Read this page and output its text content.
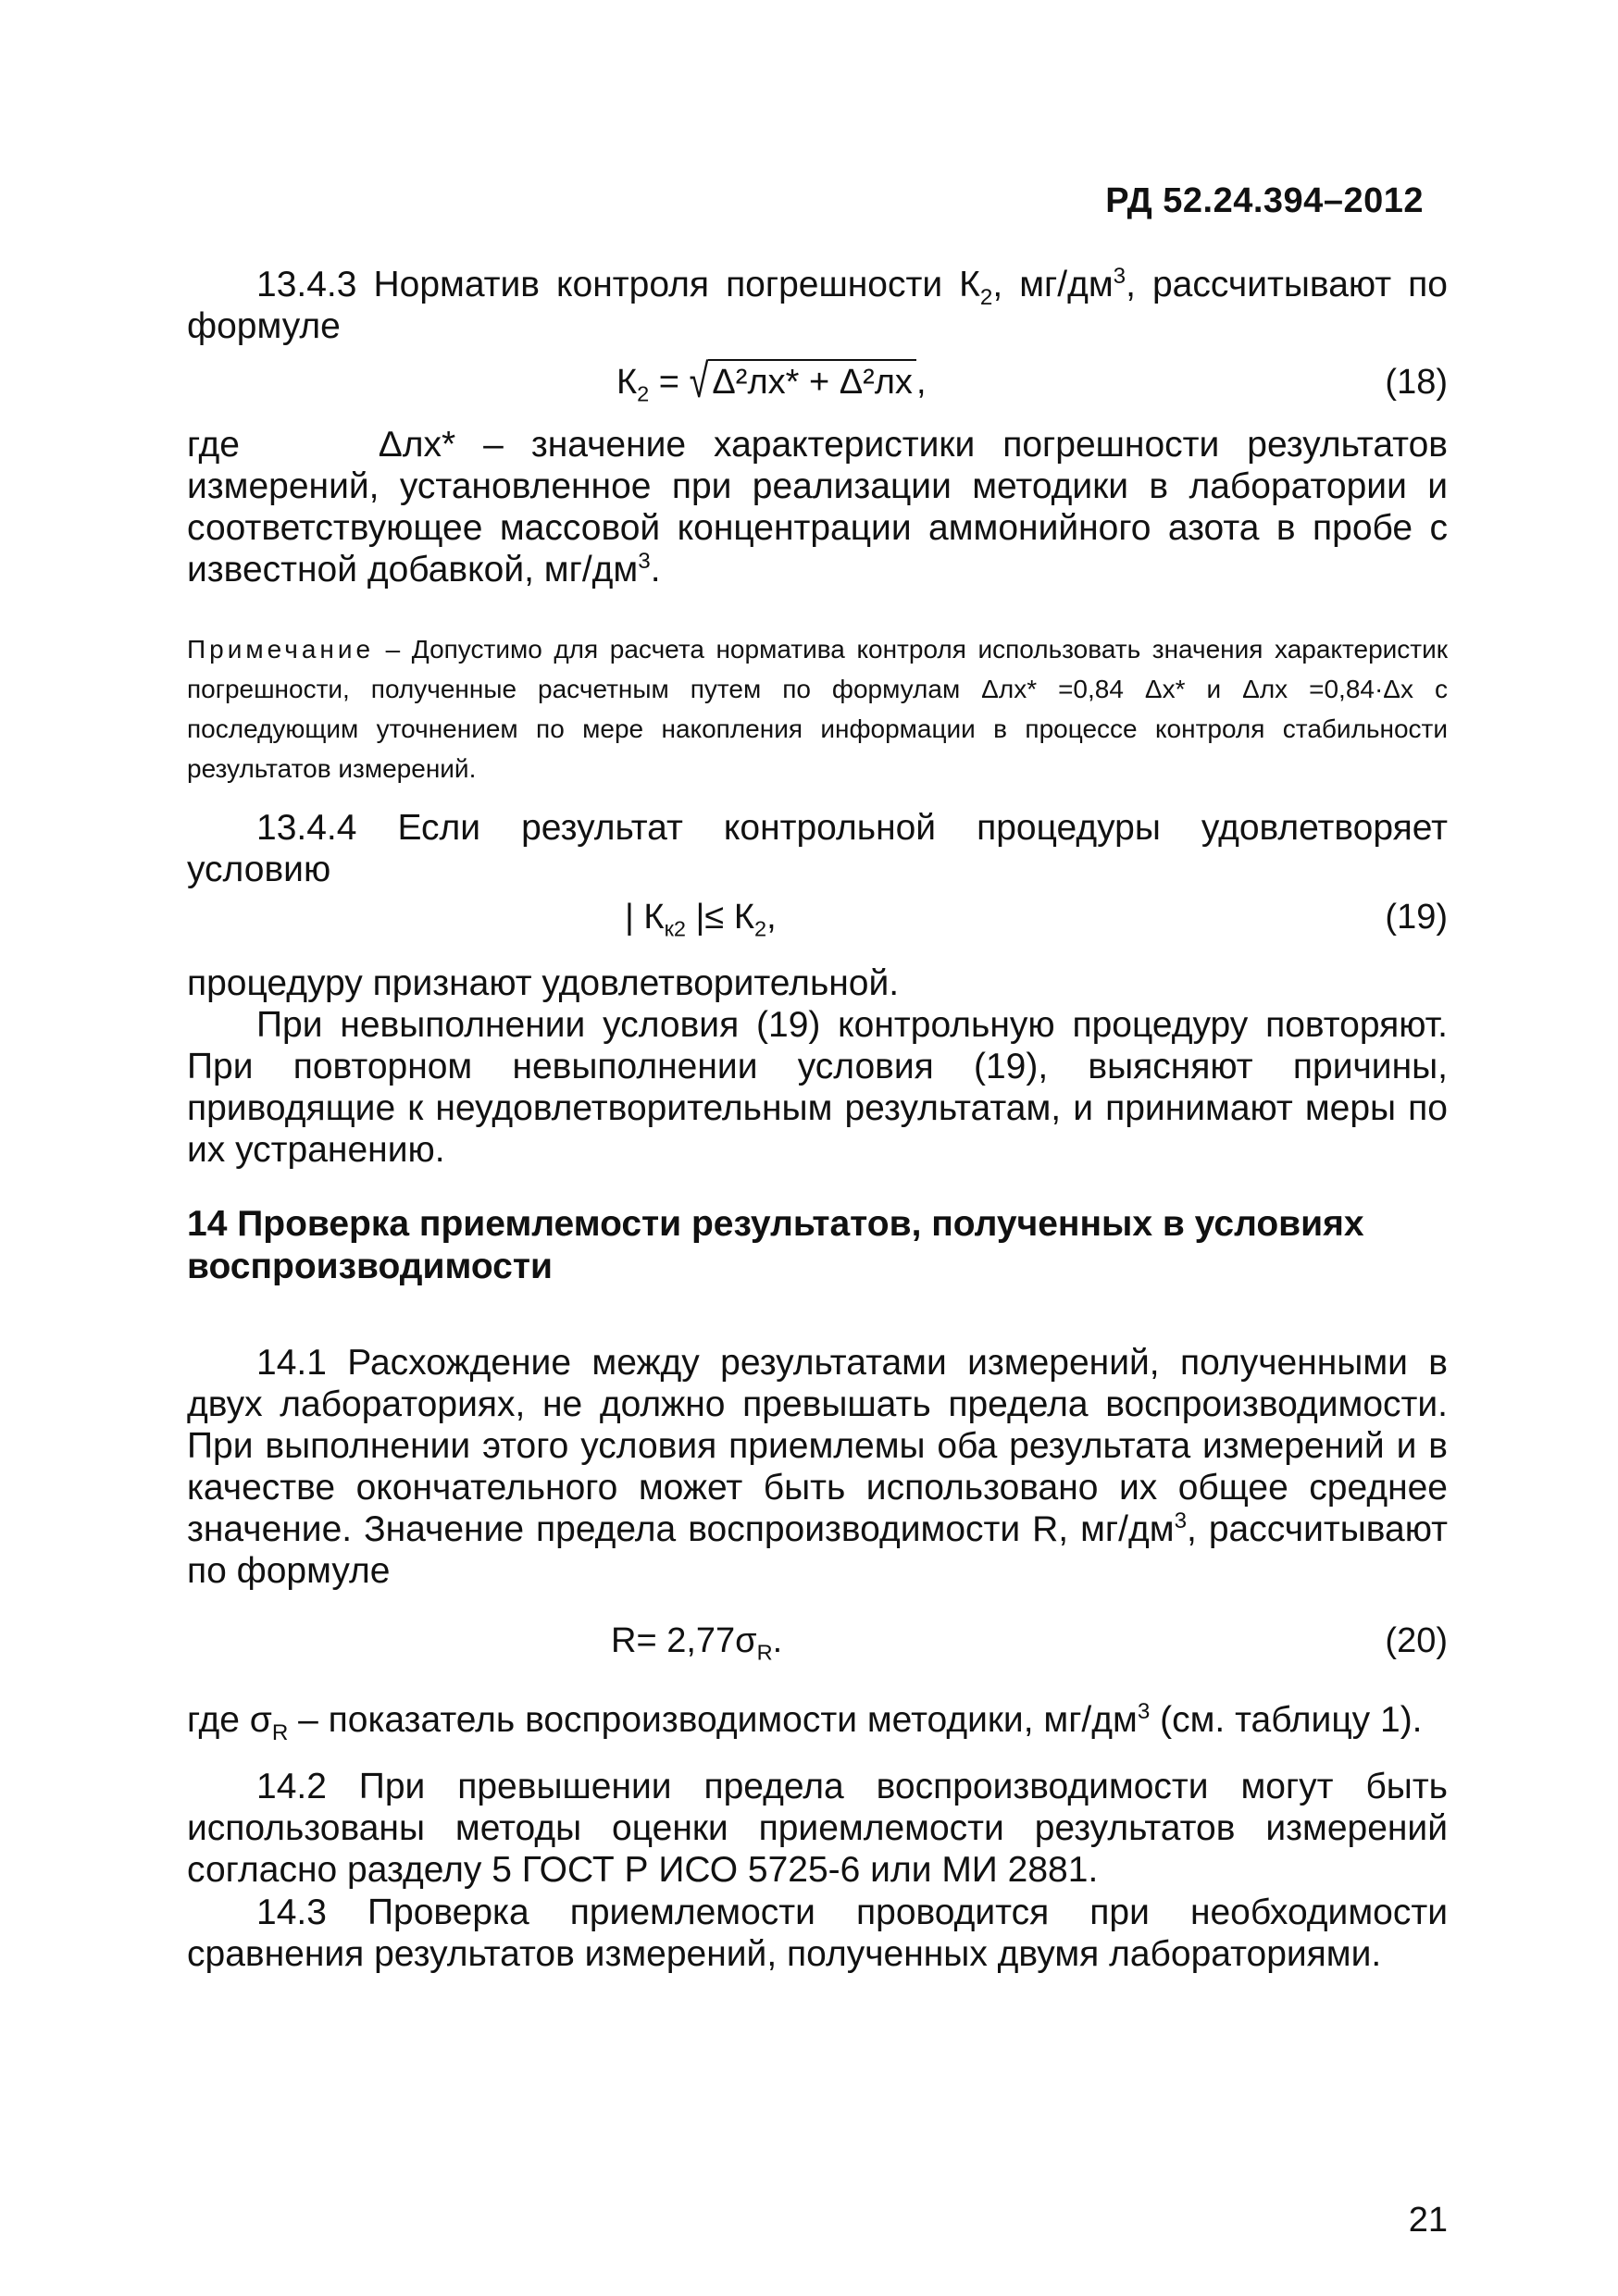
РД 52.24.394–2012
13.4.3 Норматив контроля погрешности $К_2$, $мг/дм^3$, рассчитывают по формуле
$К_2$ = √ Δ²лх* + Δ²лх ,	(18)
где	Δлх* – значение характеристики погрешности результатов измерений, установленное при реализации методики в лаборатории и соответствующее массовой концентрации аммонийного азота в пробе с известной добавкой, $мг/дм^3$.
Примечание – Допустимо для расчета норматива контроля использовать значения характеристик погрешности, полученные расчетным путем по формулам Δлх* =0,84 Δх* и Δлх =0,84·Δх с последующим уточнением по мере накопления информации в процессе контроля стабильности результатов измерений.
13.4.4 Если результат контрольной процедуры удовлетворяет условию
| $К_{к2}$ |≤ $К_2$,	(19)
процедуру признают удовлетворительной.
При невыполнении условия (19) контрольную процедуру повторяют. При повторном невыполнении условия (19), выясняют причины, приводящие к неудовлетворительным результатам, и принимают меры по их устранению.
14 Проверка приемлемости результатов, полученных в условиях воспроизводимости
14.1 Расхождение между результатами измерений, полученными в двух лабораториях, не должно превышать предела воспроизводимости. При выполнении этого условия приемлемы оба результата измерений и в качестве окончательного может быть использовано их общее среднее значение. Значение предела воспроизводимости R, $мг/дм^3$, рассчитывают по формуле
$R= 2,77\sigma_R$.	(20)
где $\sigma_R$ – показатель воспроизводимости методики, $мг/дм^3$ (см. таблицу 1).
14.2 При превышении предела воспроизводимости могут быть использованы методы оценки приемлемости результатов измерений согласно разделу 5 ГОСТ Р ИСО 5725-6 или МИ 2881.
14.3 Проверка приемлемости проводится при необходимости сравнения результатов измерений, полученных двумя лабораториями.
21
